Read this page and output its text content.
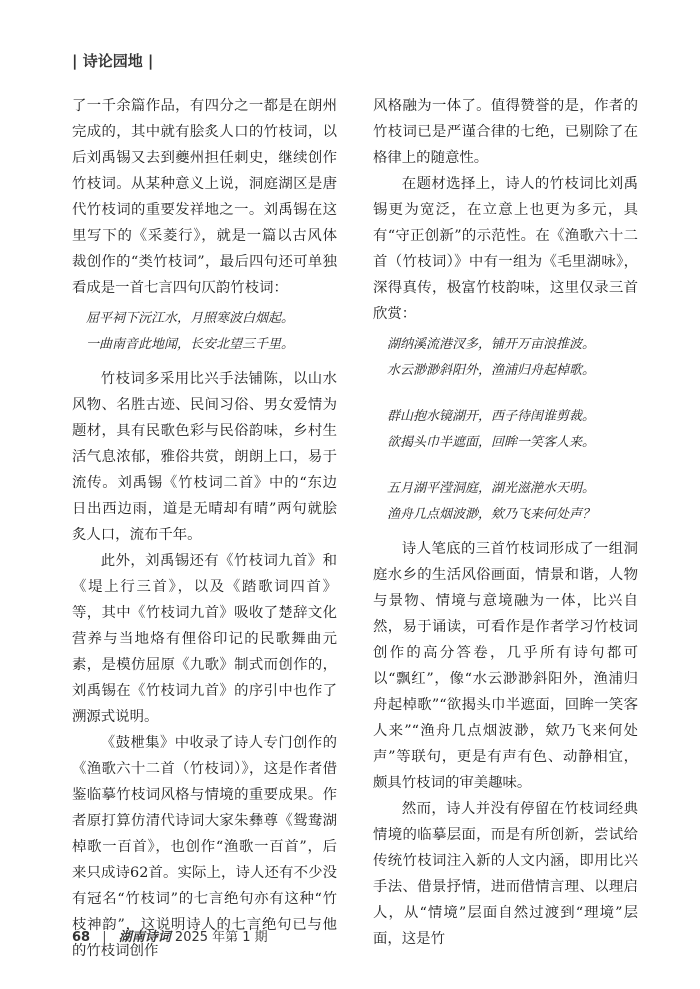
| 诗论园地 |

了一千余篇作品，有四分之一都是在朗州完成的，其中就有脍炙人口的竹枝词，以后刘禹锡又去到夔州担任刺史，继续创作竹枝词。从某种意义上说，洞庭湖区是唐代竹枝词的重要发祥地之一。刘禹锡在这里写下的《采菱行》，就是一篇以古风体裁创作的“类竹枝词”，最后四句还可单独看成是一首七言四句仄韵竹枝词：

屈平祠下沅江水，月照寒波白烟起。
一曲南音此地闻，长安北望三千里。

竹枝词多采用比兴手法铺陈，以山水风物、名胜古迹、民间习俗、男女爱情为题材，具有民歌色彩与民俗韵味，乡村生活气息浓郁，雅俗共赏，朗朗上口，易于流传。刘禹锡《竹枝词二首》中的“东边日出西边雨，道是无晴却有晴”两句就脍炙人口，流布千年。

此外，刘禹锡还有《竹枝词九首》和《堤上行三首》，以及《踏歌词四首》等，其中《竹枝词九首》吸收了楚辞文化营养与当地烙有俚俗印记的民歌舞曲元素，是模仿屈原《九歌》制式而创作的，刘禹锡在《竹枝词九首》的序引中也作了溯源式说明。

《鼓枻集》中收录了诗人专门创作的《渔歌六十二首（竹枝词）》，这是作者借鉴临摹竹枝词风格与情境的重要成果。作者原打算仿清代诗词大家朱彝尊《鸳鸯湖棹歌一百首》，也创作“渔歌一百首”，后来只成诗62首。实际上，诗人还有不少没有冠名“竹枝词”的七言绝句亦有这种“竹枝神韵”，这说明诗人的七言绝句已与他的竹枝词创作

风格融为一体了。值得赞誉的是，作者的竹枝词已是严谨合律的七绝，已剔除了在格律上的随意性。

在题材选择上，诗人的竹枝词比刘禹锡更为宽泛，在立意上也更为多元，具有“守正创新”的示范性。在《渔歌六十二首（竹枝词）》中有一组为《毛里湖咏》，深得真传，极富竹枝韵味，这里仅录三首欣赏：

湖纳溪流港汊多，铺开万亩浪推波。
水云渺渺斜阳外，渔浦归舟起棹歌。
群山抱水镜湖开，西子待闺谁剪裁。
欲揭头巾半遮面，回眸一笑客人来。
五月湖平滢洞庭，湖光滋滟水天明。
渔舟几点烟波渺，欸乃飞来何处声？

诗人笔底的三首竹枝词形成了一组洞庭水乡的生活风俗画面，情景和谐，人物与景物、情境与意境融为一体，比兴自然，易于诵读，可看作是作者学习竹枝词创作的高分答卷，几乎所有诗句都可以“飘红”，像“水云渺渺斜阳外，渔浦归舟起棹歌”“欲揭头巾半遮面，回眸一笑客人来”“渔舟几点烟波渺，欸乃飞来何处声”等联句，更是有声有色、动静相宜，颇具竹枝词的审美趣味。

然而，诗人并没有停留在竹枝词经典情境的临摹层面，而是有所创新，尝试给传统竹枝词注入新的人文内涵，即用比兴手法、借景抒情，进而借情言理、以理启人，从“情境”层面自然过渡到“理境”层面，这是竹

68 | 湖南诗词 2025 年第 1 期
